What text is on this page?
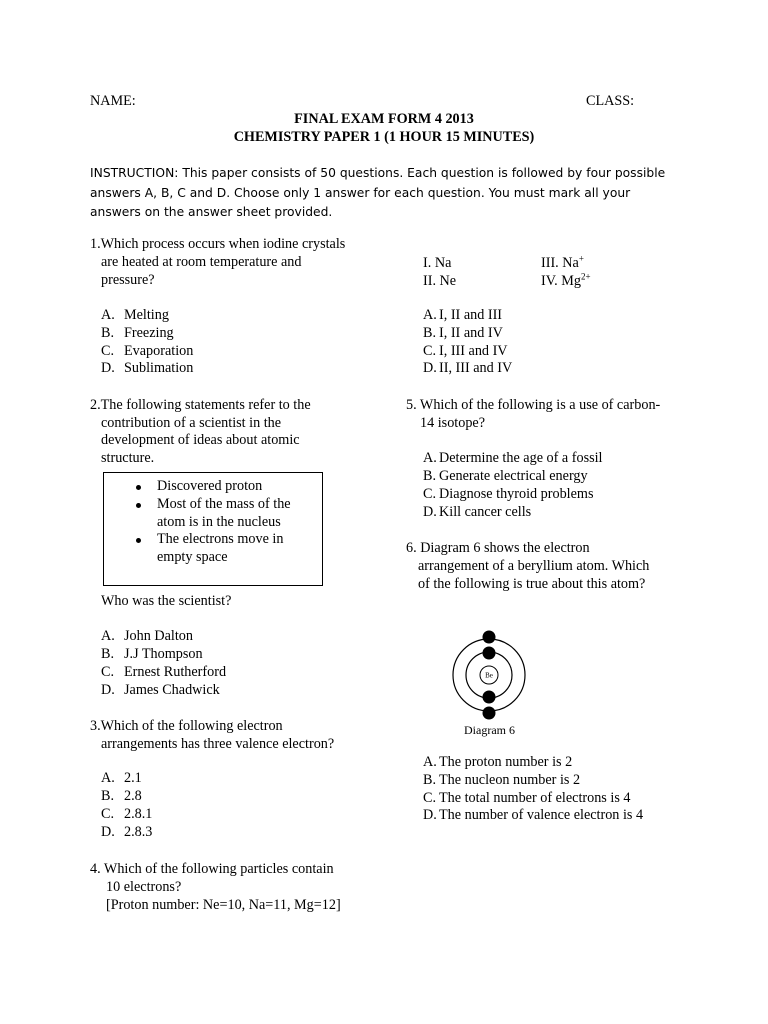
NAME:	CLASS:
FINAL EXAM FORM 4 2013
CHEMISTRY PAPER 1 (1 HOUR 15 MINUTES)
INSTRUCTION: This paper consists of 50 questions. Each question is followed by four possible
answers A, B, C and D. Choose only 1 answer for each question. You must mark all your
answers on the answer sheet provided.
1.Which process occurs when iodine crystals
are heated at room temperature and
pressure?
A. Melting
B. Freezing
C. Evaporation
D. Sublimation
2.The following statements refer to the
contribution of a scientist in the
development of ideas about atomic
structure.
Discovered proton
Most of the mass of the atom is in the nucleus
The electrons move in empty space
Who was the scientist?
A. John Dalton
B. J.J Thompson
C. Ernest Rutherford
D. James Chadwick
3.Which of the following electron
arrangements has three valence electron?
A. 2.1
B. 2.8
C. 2.8.1
D. 2.8.3
4. Which of the following particles contain
10 electrons?
[Proton number: Ne=10, Na=11, Mg=12]
I. Na	III. Na+
II. Ne	IV. $Mg^{2+}$
A. I, II and III
B. I, II and IV
C. I, III and IV
D. II, III and IV
5. Which of the following is a use of carbon-
14 isotope?
A. Determine the age of a fossil
B. Generate electrical energy
C. Diagnose thyroid problems
D. Kill cancer cells
6. Diagram 6 shows the electron
arrangement of a beryllium atom. Which
of the following is true about this atom?
Be
Diagram 6
A. The proton number is 2
B. The nucleon number is 2
C. The total number of electrons is 4
D. The number of valence electron is 4
